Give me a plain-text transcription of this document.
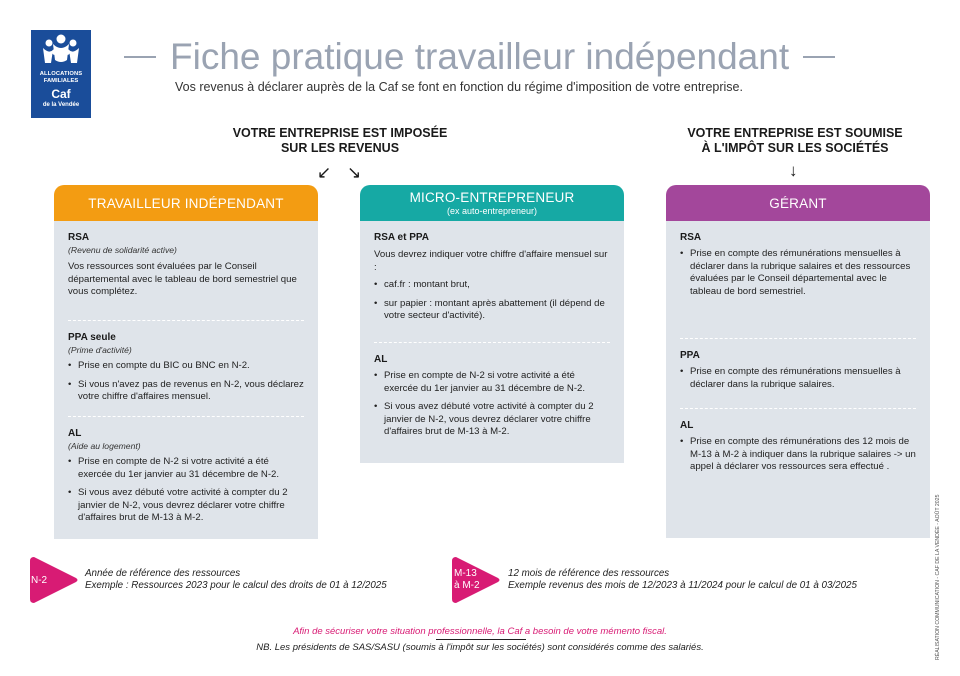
ALLOCATIONS
FAMILIALES
Caf
de la Vendée
Fiche pratique travailleur indépendant
Vos revenus à déclarer auprès de la Caf se font en fonction du régime d'imposition de votre entreprise.
VOTRE ENTREPRISE EST IMPOSÉE
SUR LES REVENUS
VOTRE ENTREPRISE EST SOUMISE
À L'IMPÔT SUR LES SOCIÉTÉS
↙ ↘	↓
TRAVAILLEUR INDÉPENDANT
RSA
(Revenu de solidarité active)
Vos ressources sont évaluées par le Conseil départemental avec le tableau de bord semestriel que vous complétez.
PPA seule
(Prime d'activité)
• Prise en compte du BIC ou BNC en N-2.
• Si vous n'avez pas de revenus en N-2, vous déclarez votre chiffre d'affaires mensuel.
AL
(Aide au logement)
• Prise en compte de N-2 si votre activité a été exercée du 1er janvier au 31 décembre de N-2.
• Si vous avez débuté votre activité à compter du 2 janvier de N-2, vous devrez déclarer votre chiffre d'affaires brut de M-13 à M-2.
MICRO-ENTREPRENEUR
(ex auto-entrepreneur)
RSA et PPA
Vous devrez indiquer votre chiffre d'affaire mensuel sur :
• caf.fr : montant brut,
• sur papier : montant après abattement (il dépend de votre secteur d'activité).
AL
• Prise en compte de N-2 si votre activité a été exercée du 1er janvier au 31 décembre de N-2.
• Si vous avez débuté votre activité à compter du 2 janvier de N-2, vous devrez déclarer votre chiffre d'affaires brut de M-13 à M-2.
GÉRANT
RSA
• Prise en compte des rémunérations mensuelles à déclarer dans la rubrique salaires et des ressources évaluées par le Conseil départemental avec le tableau de bord semestriel.
PPA
• Prise en compte des rémunérations mensuelles à déclarer dans la rubrique salaires.
AL
• Prise en compte des rémunérations des 12 mois de M-13 à M-2 à indiquer dans la rubrique salaires -> un appel à déclarer vos ressources sera effectué .
N-2
Année de référence des ressources
Exemple : Ressources 2023 pour le calcul des droits de 01 à 12/2025
M-13
à M-2
12 mois de référence des ressources
Exemple revenus des mois de 12/2023 à 11/2024 pour le calcul de 01 à 03/2025
Afin de sécuriser votre situation professionnelle, la Caf a besoin de votre mémento fiscal.
NB. Les présidents de SAS/SASU (soumis à l'impôt sur les sociétés) sont considérés comme des salariés.	RÉALISATION COMMUNICATION - CAF DE LA VENDÉE - AOÛT 2025
